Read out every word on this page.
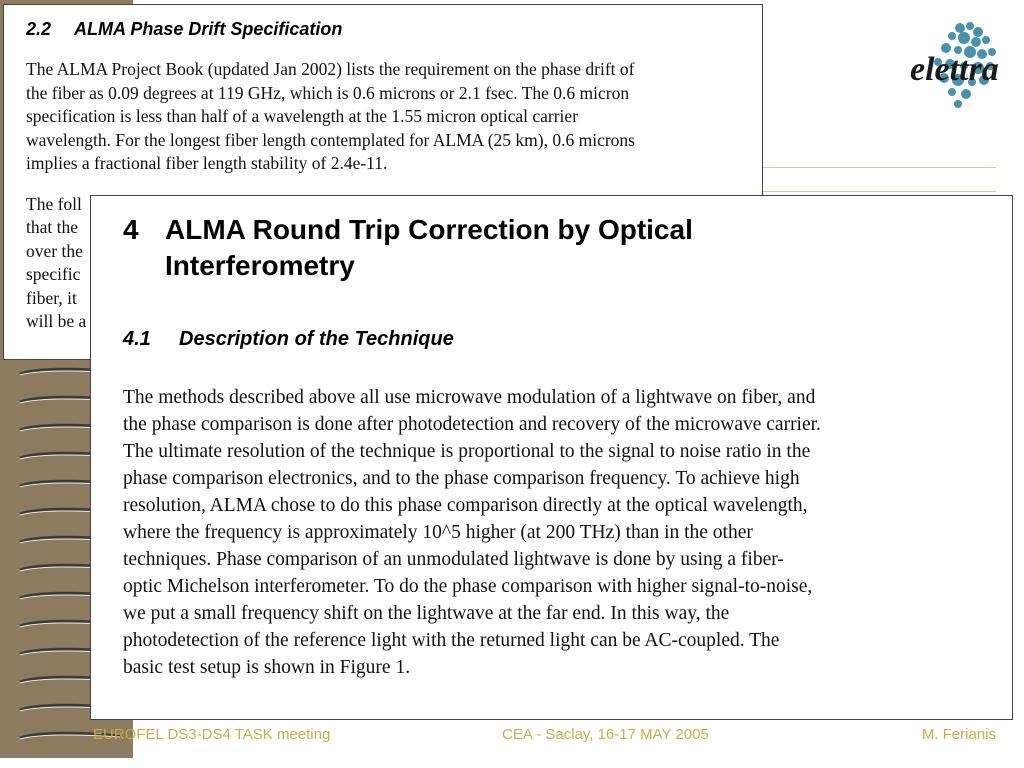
elettra
2.2 ALMA Phase Drift Specification
The ALMA Project Book (updated Jan 2002) lists the requirement on the phase drift of
the fiber as 0.09 degrees at 119 GHz, which is 0.6 microns or 2.1 fsec. The 0.6 micron
specification is less than half of a wavelength at the 1.55 micron optical carrier
wavelength. For the longest fiber length contemplated for ALMA (25 km), 0.6 microns
implies a fractional fiber length stability of 2.4e-11.
The foll
that the
over the
specific
fiber, it
will be a
4 ALMA Round Trip Correction by Optical
Interferometry
4.1 Description of the Technique
The methods described above all use microwave modulation of a lightwave on fiber, and
the phase comparison is done after photodetection and recovery of the microwave carrier.
The ultimate resolution of the technique is proportional to the signal to noise ratio in the
phase comparison electronics, and to the phase comparison frequency. To achieve high
resolution, ALMA chose to do this phase comparison directly at the optical wavelength,
where the frequency is approximately 10^5 higher (at 200 THz) than in the other
techniques. Phase comparison of an unmodulated lightwave is done by using a fiber-
optic Michelson interferometer. To do the phase comparison with higher signal-to-noise,
we put a small frequency shift on the lightwave at the far end. In this way, the
photodetection of the reference light with the returned light can be AC-coupled. The
basic test setup is shown in Figure 1.
EUROFEL DS3-DS4 TASK meeting	CEA - Saclay, 16-17 MAY 2005	M. Ferianis
